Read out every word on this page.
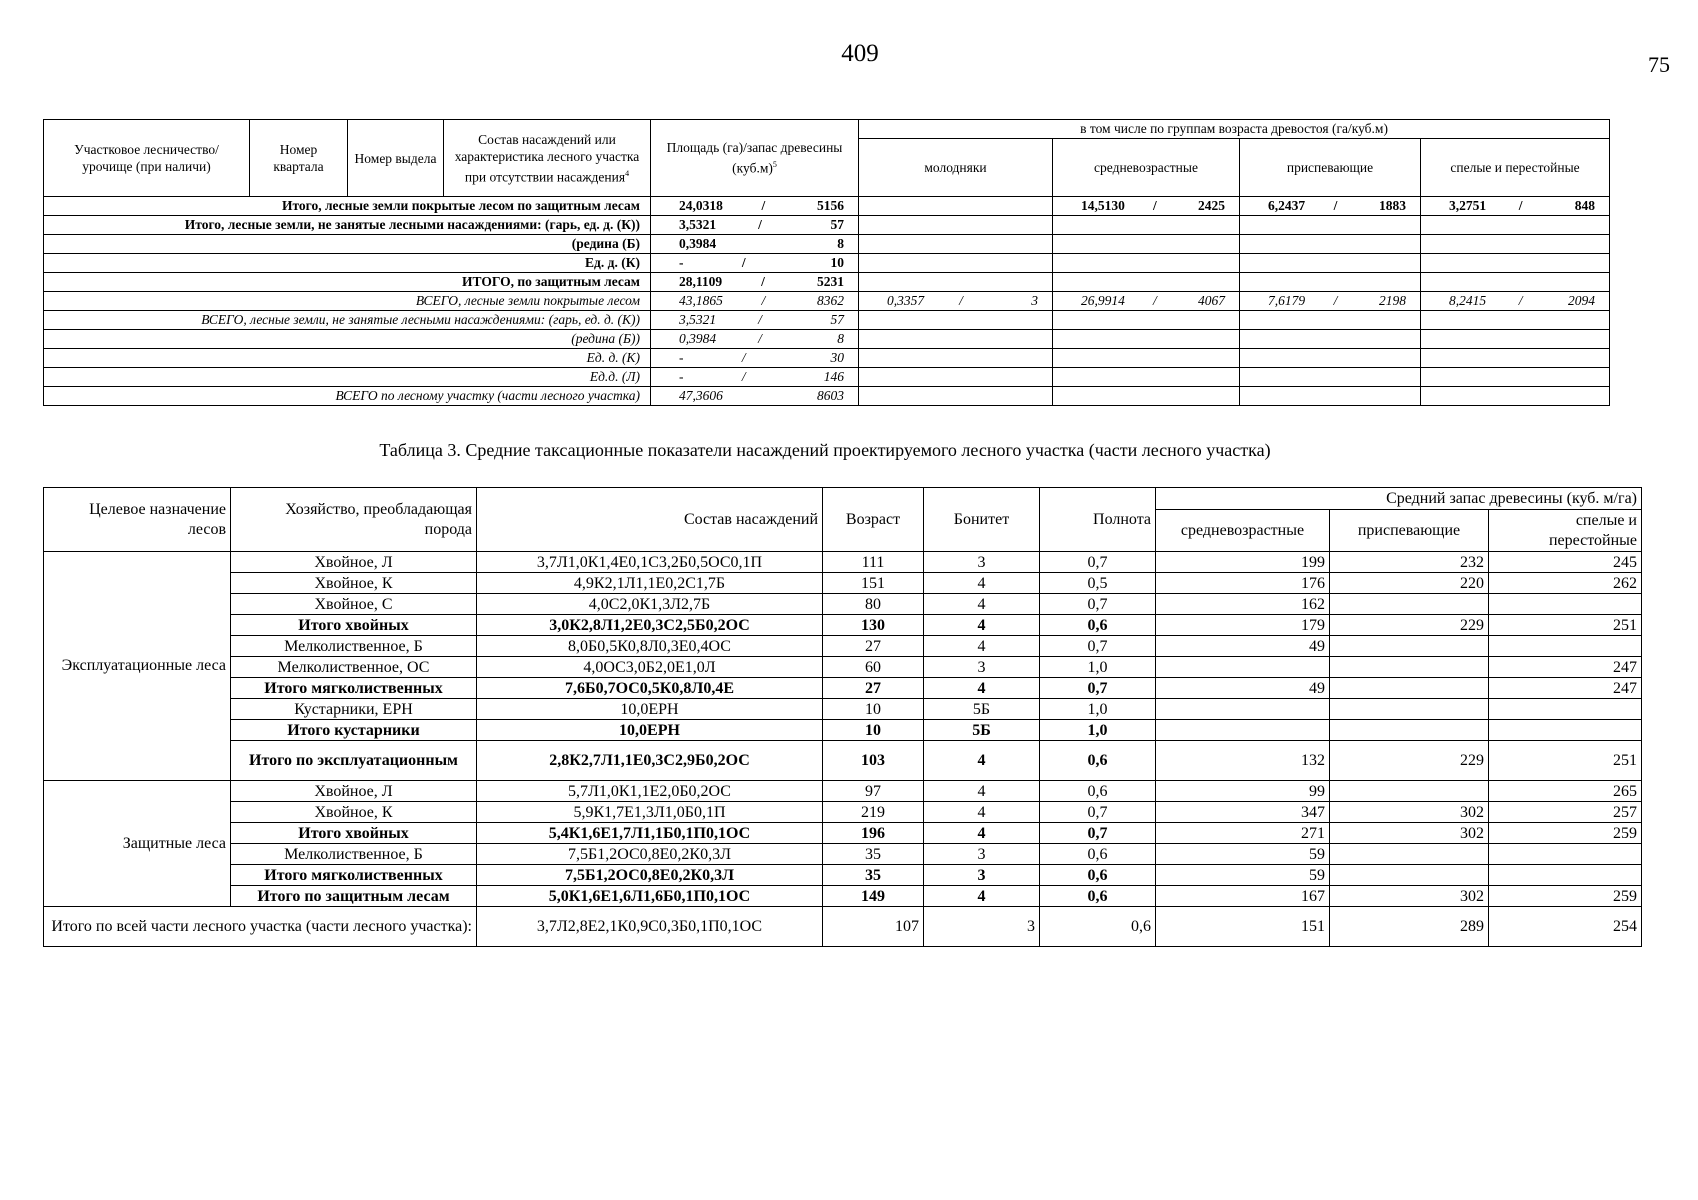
409	75
Участковое лесничество/ урочище (при наличи)	Номер квартала	Номер выдела	Состав насаждений или характеристика лесного участка при отсутствии насаждения$^4$	Площадь (га)/запас древесины $(куб.м)^5$	в том числе по группам возраста древостоя (га/куб.м)			
					молодняки	средневозрастные	приспевающие	спелые и перестойные
Итого, лесные земли покрытые лесом по защитным лесам				24,0318 / 5156		14,5130 / 2425	6,2437 / 1883	3,2751 / 848

Итого, лесные земли, не занятые лесными насаждениями: (гарь, ед. д. (К))				3,5321 / 57				

(редина (Б)				0,3984 8				

Ед. д. (К)				- / 10				

ИТОГО, по защитным лесам				28,1109 / 5231				

ВСЕГО, лесные земли покрытые лесом				43,1865 / 8362	0,3357 / 3	26,9914 / 4067	7,6179 / 2198	8,2415 / 2094

ВСЕГО, лесные земли, не занятые лесными насаждениями: (гарь, ед. д. (К))				3,5321 / 57				

(редина (Б))				0,3984 / 8				

Ед. д. (К)				- / 30				

Ед.д. (Л)				- / 146				

ВСЕГО по лесному участку (части лесного участка)				47,3606 8603				

Таблица 3. Средние таксационные показатели насаждений проектируемого лесного участка (части лесного участка)
Целевое назначение лесов	Хозяйство, преобладающая порода	Состав насаждений	Возраст	Бонитет	Полнота	Средний запас древесины (куб. м/га)		
						средневозрастные	приспевающие	спелые и перестойные
Эксплуатационные леса	Хвойное, Л	3,7Л1,0К1,4Е0,1С3,2Б0,5ОС0,1П	111	3	0,7	199	232	245
	Хвойное, К	4,9К2,1Л1,1Е0,2С1,7Б	151	4	0,5	176	220	262
	Хвойное, С	4,0С2,0К1,3Л2,7Б	80	4	0,7	162		
	Итого хвойных	3,0К2,8Л1,2Е0,3С2,5Б0,2ОС	130	4	0,6	179	229	251
	Мелколиственное, Б	8,0Б0,5К0,8Л0,3Е0,4ОС	27	4	0,7	49		
	Мелколиственное, ОС	4,0ОС3,0Б2,0Е1,0Л	60	3	1,0			247
	Итого мягколиственных	7,6Б0,7ОС0,5К0,8Л0,4Е	27	4	0,7	49		247
	Кустарники, ЕРН	10,0ЕРН	10	5Б	1,0			
	Итого кустарники	10,0ЕРН	10	5Б	1,0			
	Итого по эксплуатационным	2,8К2,7Л1,1Е0,3С2,9Б0,2ОС	103	4	0,6	132	229	251
Защитные леса	Хвойное, Л	5,7Л1,0К1,1Е2,0Б0,2ОС	97	4	0,6	99		265
	Хвойное, К	5,9К1,7Е1,3Л1,0Б0,1П	219	4	0,7	347	302	257
	Итого хвойных	5,4К1,6Е1,7Л1,1Б0,1П0,1ОС	196	4	0,7	271	302	259
	Мелколиственное, Б	7,5Б1,2ОС0,8Е0,2К0,3Л	35	3	0,6	59		
	Итого мягколиственных	7,5Б1,2ОС0,8Е0,2К0,3Л	35	3	0,6	59		
	Итого по защитным лесам	5,0К1,6Е1,6Л1,6Б0,1П0,1ОС	149	4	0,6	167	302	259
Итого по всей части лесного участка (части лесного участка):		3,7Л2,8Е2,1К0,9С0,3Б0,1П0,1ОС	107	3	0,6	151	289	254
